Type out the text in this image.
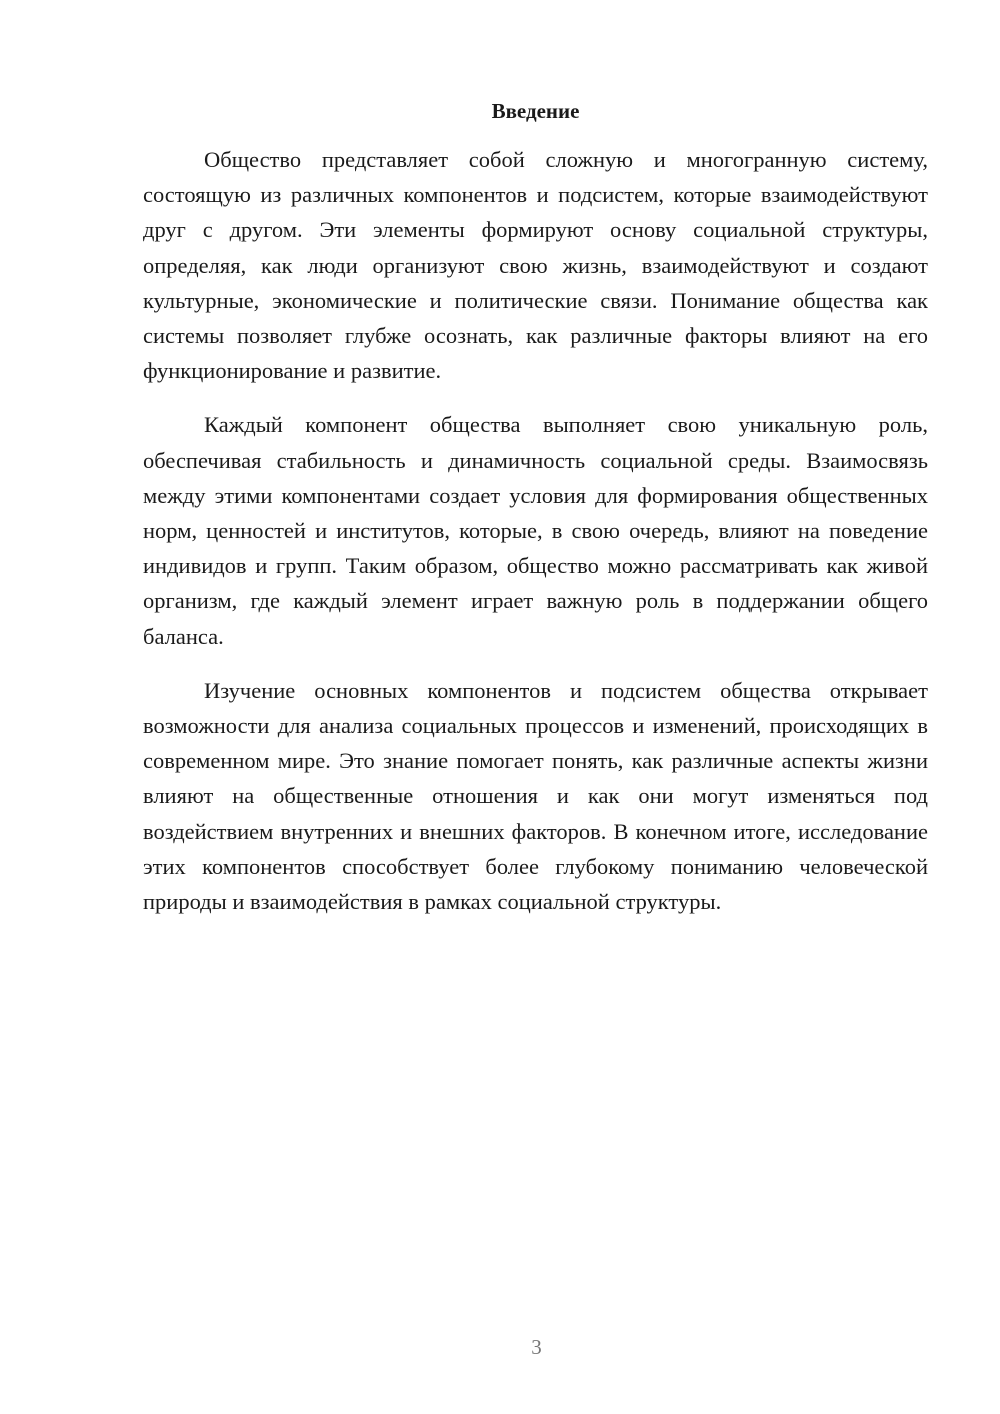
Введение

Общество представляет собой сложную и многогранную систему, состоящую из различных компонентов и подсистем, которые взаимодействуют друг с другом. Эти элементы формируют основу социальной структуры, определяя, как люди организуют свою жизнь, взаимодействуют и создают культурные, экономические и политические связи. Понимание общества как системы позволяет глубже осознать, как различные факторы влияют на его функционирование и развитие.

Каждый компонент общества выполняет свою уникальную роль, обеспечивая стабильность и динамичность социальной среды. Взаимосвязь между этими компонентами создает условия для формирования общественных норм, ценностей и институтов, которые, в свою очередь, влияют на поведение индивидов и групп. Таким образом, общество можно рассматривать как живой организм, где каждый элемент играет важную роль в поддержании общего баланса.

Изучение основных компонентов и подсистем общества открывает возможности для анализа социальных процессов и изменений, происходящих в современном мире. Это знание помогает понять, как различные аспекты жизни влияют на общественные отношения и как они могут изменяться под воздействием внутренних и внешних факторов. В конечном итоге, исследование этих компонентов способствует более глубокому пониманию человеческой природы и взаимодействия в рамках социальной структуры.

3
